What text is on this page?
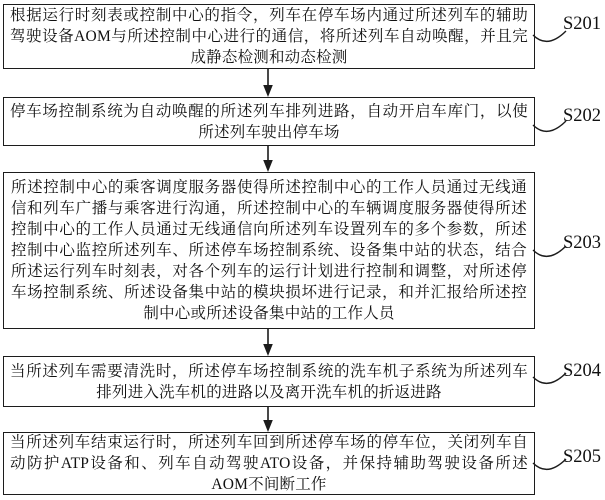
根据运行时刻表或控制中心的指令，列车在停车场内通过所述列车的辅助驾驶设备AOM与所述控制中心进行的通信，将所述列车自动唤醒，并且完成静态检测和动态检测
停车场控制系统为自动唤醒的所述列车排列进路，自动开启车库门，以使所述列车驶出停车场
所述控制中心的乘客调度服务器使得所述控制中心的工作人员通过无线通信和列车广播与乘客进行沟通，所述控制中心的车辆调度服务器使得所述控制中心的工作人员通过无线通信向所述列车设置列车的多个参数，所述控制中心监控所述列车、所述停车场控制系统、设备集中站的状态，结合所述运行列车时刻表，对各个列车的运行计划进行控制和调整，对所述停车场控制系统、所述设备集中站的模块损坏进行记录，和并汇报给所述控制中心或所述设备集中站的工作人员
当所述列车需要清洗时，所述停车场控制系统的洗车机子系统为所述列车排列进入洗车机的进路以及离开洗车机的折返进路
当所述列车结束运行时，所述列车回到所述停车场的停车位，关闭列车自动防护ATP设备和、列车自动驾驶ATO设备，并保持辅助驾驶设备所述AOM不间断工作
S201
S202
S203
S204
S205
